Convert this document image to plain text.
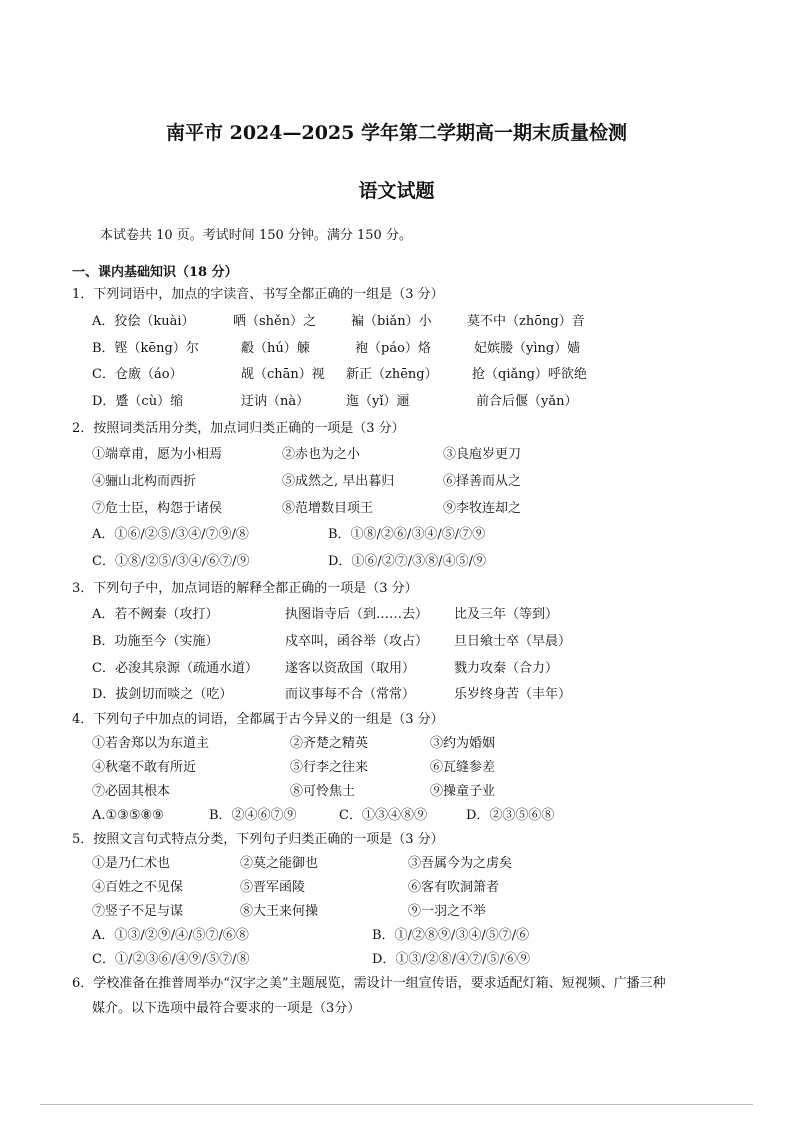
南平市 2024—2025 学年第二学期高一期末质量检测
语文试题
本试卷共 10 页。考试时间 150 分钟。满分 150 分。
一、课内基础知识（18 分）
1．下列词语中，加点的字读音、书写全都正确的一组是（3 分）
A．狡侩（kuài）	哂（shěn）之	褊（biǎn）小	莫不中（zhōng）音
B．铿（kēng）尔	觳（hú）觫	袍（páo）烙	妃嫔媵（yìng）嫱
C．仓廒（áo）	觇（chān）视 新正（zhēng）	抢（qiǎng）呼欲绝
D．蹙（cù）缩	迂讷（nà）	迤（yǐ）逦	前合后偃（yǎn）
2．按照词类活用分类，加点词归类正确的一项是（3 分）
①端章甫，愿为小相焉	②赤也为之小	③良庖岁更刀
④骊山北构而西折	⑤成然之, 早出暮归	⑥择善而从之
⑦危士臣，构怨于诸侯	⑧范增数目项王	⑨李牧连却之
A．①⑥/②⑤/③④/⑦⑨/⑧	B．①⑧/②⑥/③④/⑤/⑦⑨
C．①⑧/②⑤/③④/⑥⑦/⑨	D．①⑥/②⑦/③⑧/④⑤/⑨
3．下列句子中，加点词语的解释全都正确的一项是（3 分）
A．若不阙秦（攻打）	执图诣寺后（到……去） 比及三年（等到）
B．功施至今（实施）	戍卒叫，函谷举（攻占） 旦日飨士卒（早晨）
C．必浚其泉源（疏通水道） 遂客以资敌国（取用）	戮力攻秦（合力）
D．拔剑切而啖之（吃）	而议事每不合（常常）	乐岁终身苦（丰年）
4．下列句子中加点的词语，全都属于古今异义的一组是（3 分）
①若舍郑以为东道主	②齐楚之精英	③约为婚姻
④秋毫不敢有所近	⑤行李之往来	⑥瓦缝参差
⑦必固其根本	⑧可怜焦土	⑨操童子业
A.①③⑤⑧⑨	B．②④⑥⑦⑨	C．①③④⑧⑨	D．②③⑤⑥⑧
5．按照文言句式特点分类，下列句子归类正确的一项是（3 分）
①是乃仁术也	②莫之能御也	③吾属今为之虏矣
④百姓之不见保	⑤晋军函陵	⑥客有吹洞箫者
⑦竖子不足与谋	⑧大王来何操	⑨一羽之不举
A．①③/②⑨/④/⑤⑦/⑥⑧	B．①/②⑧⑨/③④/⑤⑦/⑥
C．①/②③⑥/④⑨/⑤⑦/⑧	D．①③/②⑧/④⑦/⑤/⑥⑨
6．学校准备在推普周举办“汉字之美”主题展览，需设计一组宣传语，要求适配灯箱、短视频、广播三种
媒介。以下选项中最符合要求的一项是（3分）
